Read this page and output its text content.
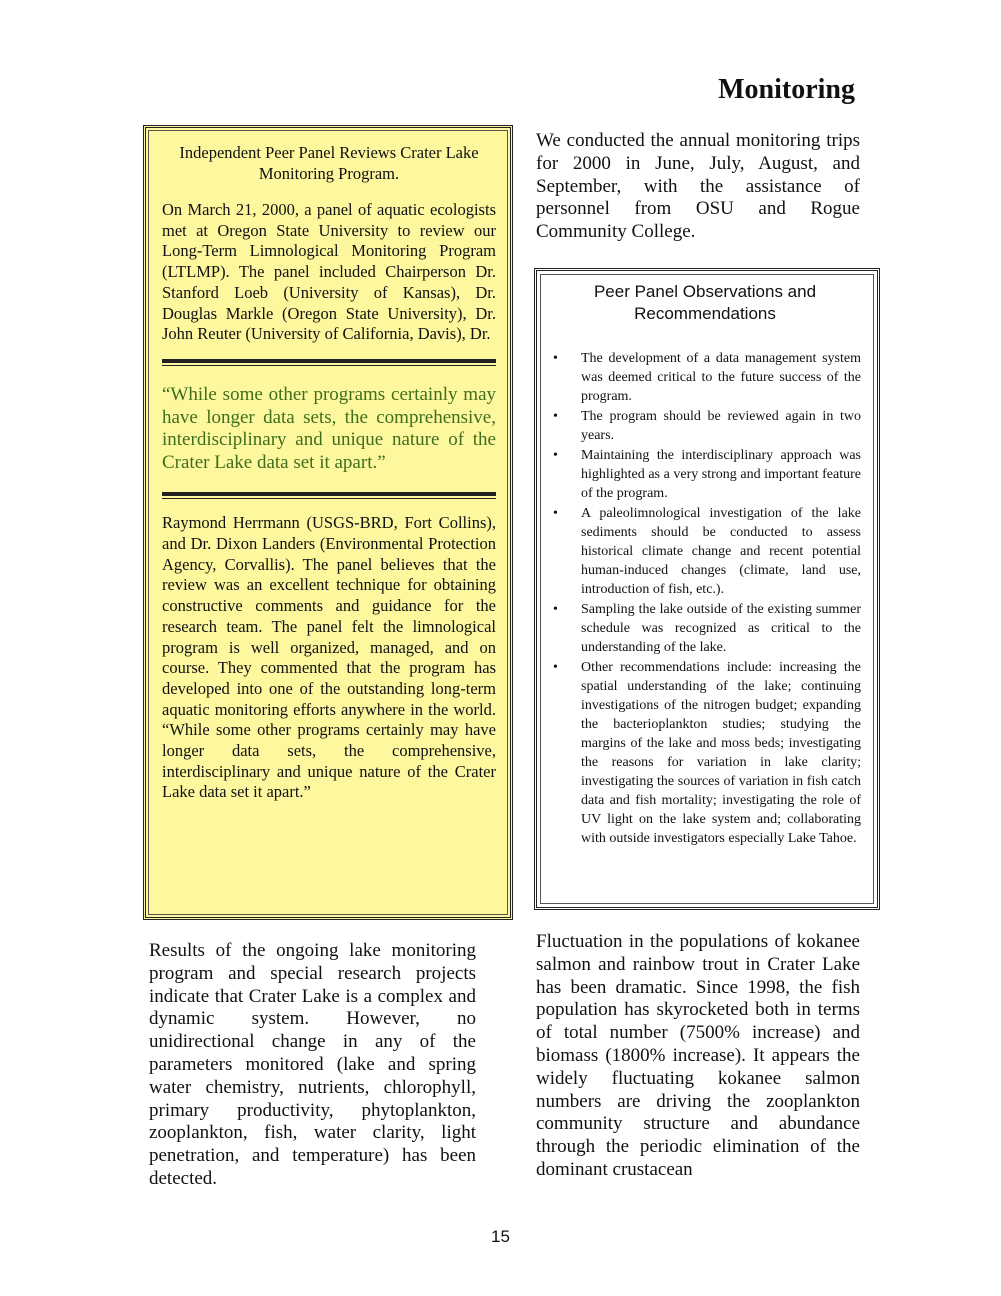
Monitoring

Independent Peer Panel Reviews Crater Lake Monitoring Program.

On March 21, 2000, a panel of aquatic ecologists met at Oregon State University to review our Long-Term Limnological Monitoring Program (LTLMP). The panel included Chairperson Dr. Stanford Loeb (University of Kansas), Dr. Douglas Markle (Oregon State University), Dr. John Reuter (University of California, Davis), Dr.

“While some other programs certainly may have longer data sets, the comprehensive, interdisciplinary and unique nature of the Crater Lake data set it apart.”

Raymond Herrmann (USGS-BRD, Fort Collins), and Dr. Dixon Landers (Environmental Protection Agency, Corvallis). The panel believes that the review was an excellent technique for obtaining constructive comments and guidance for the research team. The panel felt the limnological program is well organized, managed, and on course. They commented that the program has developed into one of the outstanding long-term aquatic monitoring efforts anywhere in the world. “While some other programs certainly may have longer data sets, the comprehensive, interdisciplinary and unique nature of the Crater Lake data set it apart.”

We conducted the annual monitoring trips for 2000 in June, July, August, and September, with the assistance of personnel from OSU and Rogue Community College.

Peer Panel Observations and Recommendations

• The development of a data management system was deemed critical to the future success of the program.
• The program should be reviewed again in two years.
• Maintaining the interdisciplinary approach was highlighted as a very strong and important feature of the program.
• A paleolimnological investigation of the lake sediments should be conducted to assess historical climate change and recent potential human-induced changes (climate, land use, introduction of fish, etc.).
• Sampling the lake outside of the existing summer schedule was recognized as critical to the understanding of the lake.
• Other recommendations include: increasing the spatial understanding of the lake; continuing investigations of the nitrogen budget; expanding the bacterioplankton studies; studying the margins of the lake and moss beds; investigating the reasons for variation in lake clarity; investigating the sources of variation in fish catch data and fish mortality; investigating the role of UV light on the lake system and; collaborating with outside investigators especially Lake Tahoe.

Results of the ongoing lake monitoring program and special research projects indicate that Crater Lake is a complex and dynamic system. However, no unidirectional change in any of the parameters monitored (lake and spring water chemistry, nutrients, chlorophyll, primary productivity, phytoplankton, zooplankton, fish, water clarity, light penetration, and temperature) has been detected.

Fluctuation in the populations of kokanee salmon and rainbow trout in Crater Lake has been dramatic. Since 1998, the fish population has skyrocketed both in terms of total number (7500% increase) and biomass (1800% increase). It appears the widely fluctuating kokanee salmon numbers are driving the zooplankton community structure and abundance through the periodic elimination of the dominant crustacean

15
